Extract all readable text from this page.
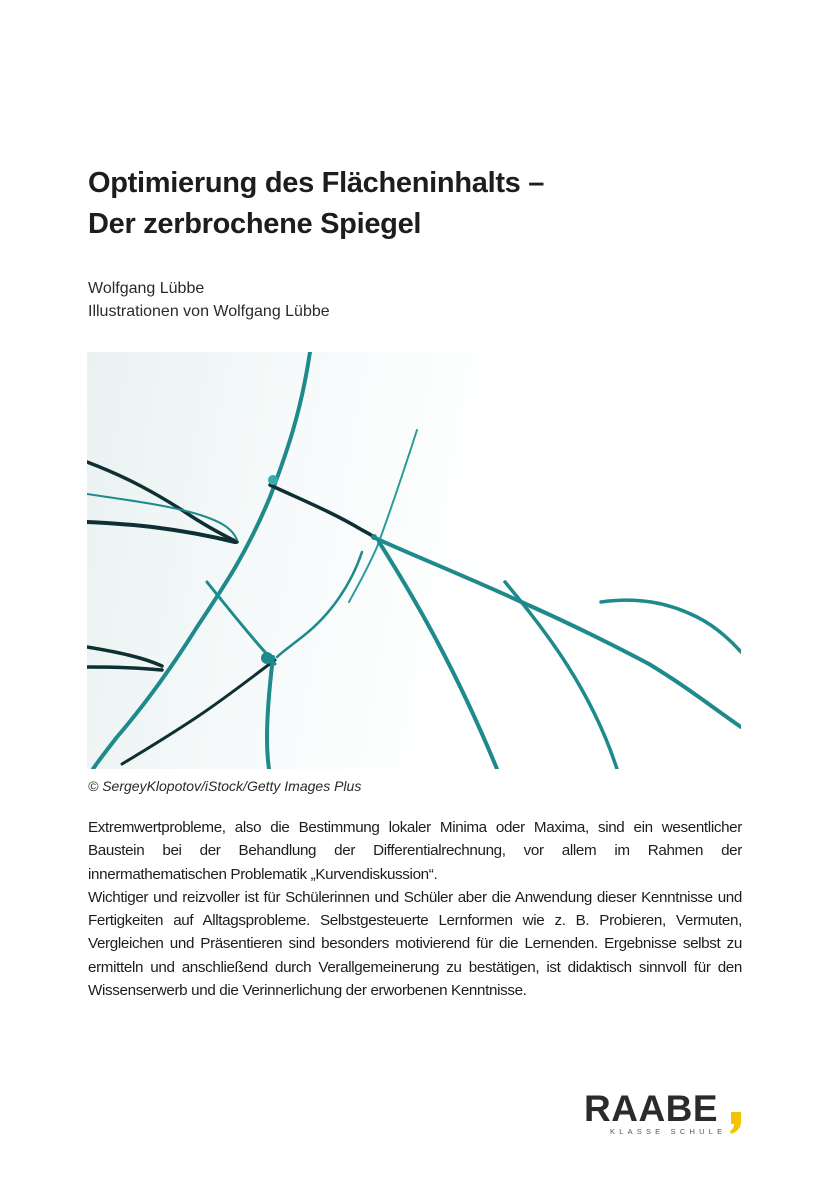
Optimierung des Flächeninhalts –
Der zerbrochene Spiegel
Wolfgang Lübbe
Illustrationen von Wolfgang Lübbe
© SergeyKlopotov/iStock/Getty Images Plus

Extremwertprobleme, also die Bestimmung lokaler Minima oder Maxima, sind ein wesentlicher Baustein bei der Behandlung der Differentialrechnung, vor allem im Rahmen der innermathematischen Problematik „Kurvendiskussion“.

Wichtiger und reizvoller ist für Schülerinnen und Schüler aber die Anwendung dieser Kenntnisse und Fertigkeiten auf Alltagsprobleme. Selbstgesteuerte Lernformen wie z. B. Probieren, Vermuten, Vergleichen und Präsentieren sind besonders motivierend für die Lernenden. Ergebnisse selbst zu ermitteln und anschließend durch Verallgemeinerung zu bestätigen, ist didaktisch sinnvoll für den Wissenserwerb und die Verinnerlichung der erworbenen Kenntnisse.

RAABE
KLASSE SCHULE
